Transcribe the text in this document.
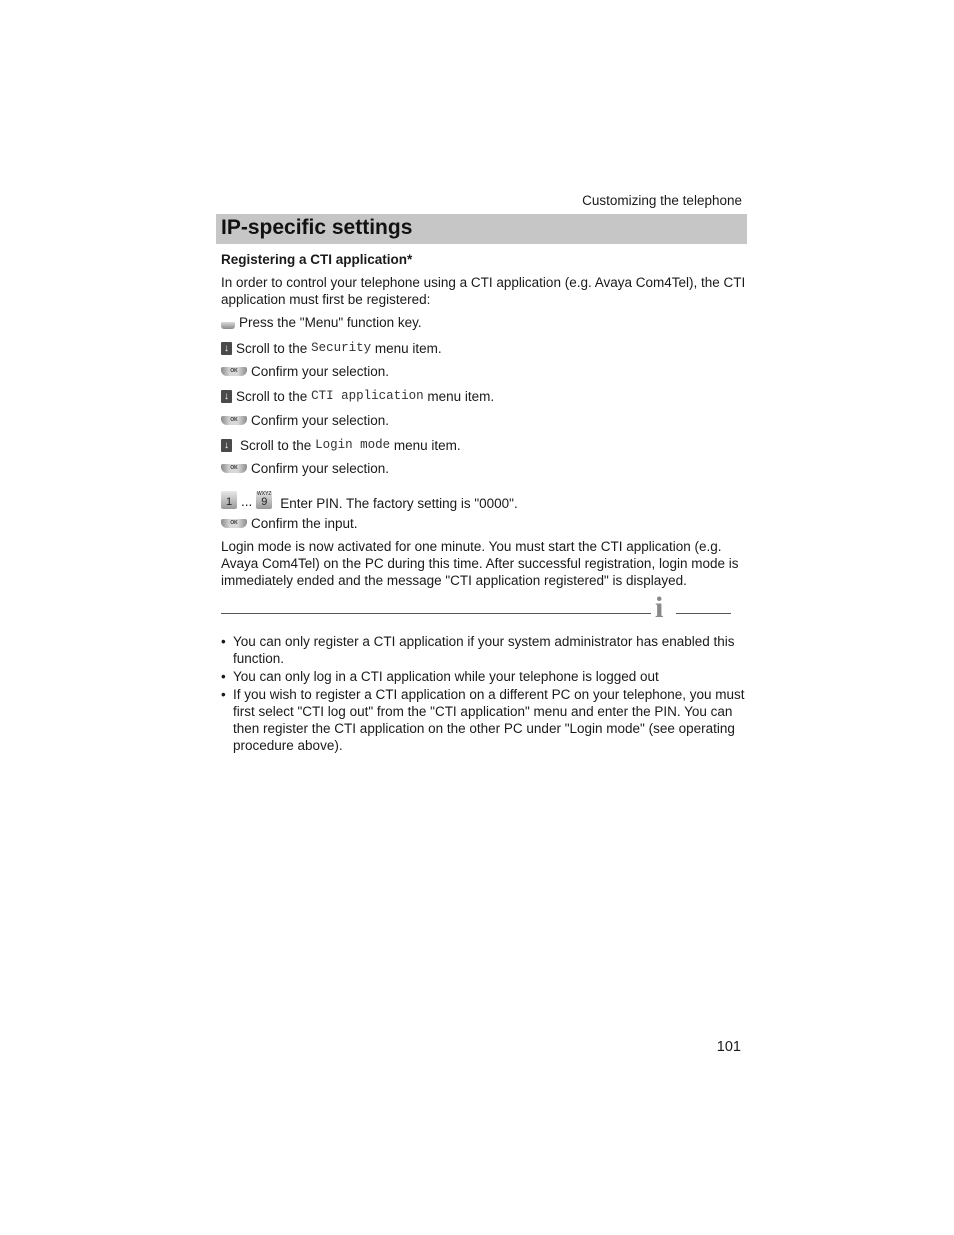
Customizing the telephone
IP-specific settings
Registering a CTI application*
In order to control your telephone using a CTI application (e.g. Avaya Com4Tel), the CTI application must first be registered:
Press the "Menu" function key.
↓ Scroll to the
Security
menu item.
OK Confirm your selection.
↓ Scroll to the
CTI application
menu item.
OK Confirm your selection.
↓ Scroll to the
Login mode
menu item.
OK Confirm your selection.
1 ...
WXYZ
9 Enter PIN. The factory setting is "0000".
OK Confirm the input.
Login mode is now activated for one minute. You must start the CTI application (e.g. Avaya Com4Tel) on the PC during this time. After successful registration, login mode is immediately ended and the message "CTI application registered" is displayed.
i
• You can only register a CTI application if your system administrator has enabled this function.
• You can only log in a CTI application while your telephone is logged out
• If you wish to register a CTI application on a different PC on your telephone, you must first select "CTI log out" from the "CTI application" menu and enter the PIN. You can then register the CTI application on the other PC under "Login mode" (see operating procedure above).
101
